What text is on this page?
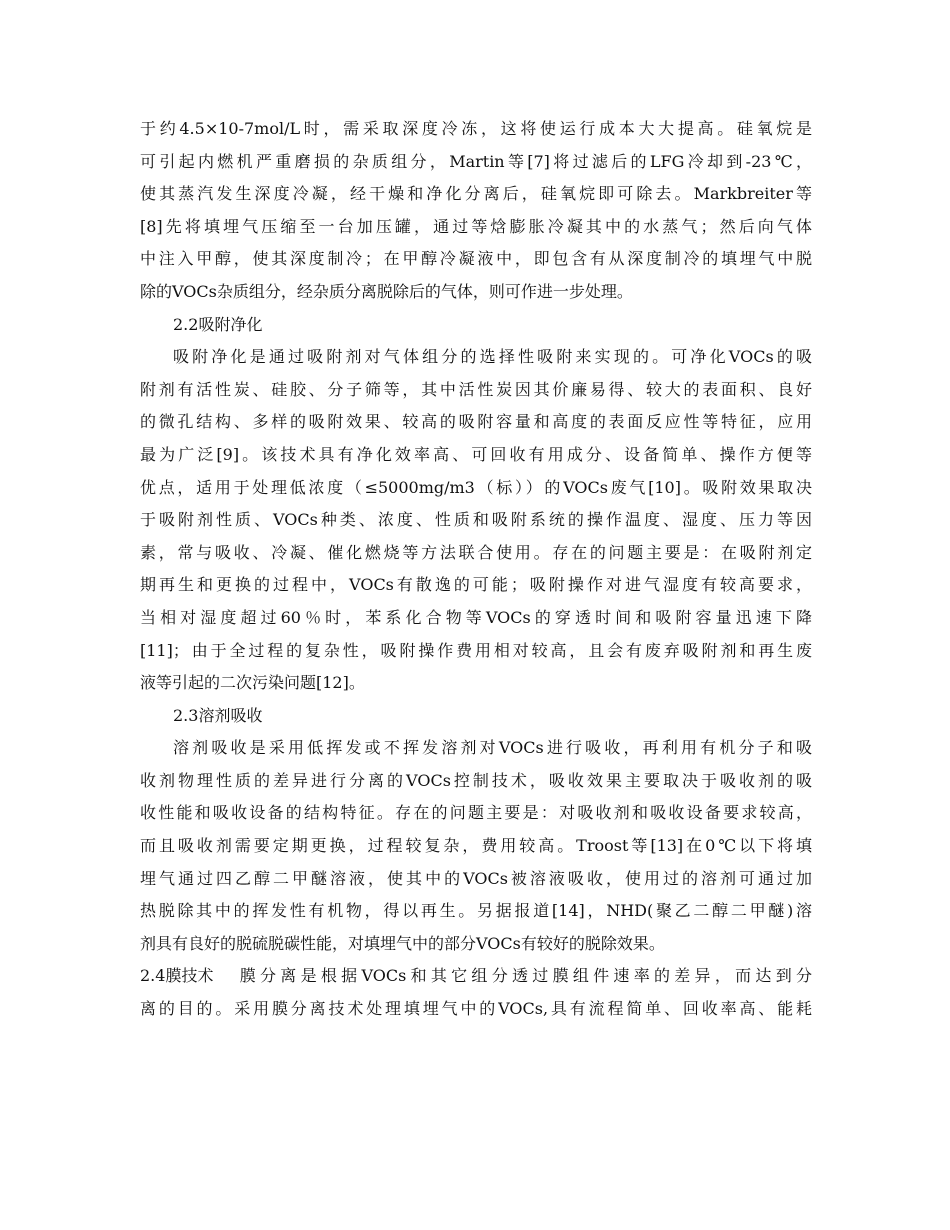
于约4.5×10-7mol/L时，需采取深度冷冻，这将使运行成本大大提高。硅氧烷是
可引起内燃机严重磨损的杂质组分，Martin等[7]将过滤后的LFG冷却到-23℃，
使其蒸汽发生深度冷凝，经干燥和净化分离后，硅氧烷即可除去。Markbreiter等
[8]先将填埋气压缩至一台加压罐，通过等焓膨胀冷凝其中的水蒸气；然后向气体
中注入甲醇，使其深度制冷；在甲醇冷凝液中，即包含有从深度制冷的填埋气中脱
除的VOCs杂质组分，经杂质分离脱除后的气体，则可作进一步处理。
2.2吸附净化
吸附净化是通过吸附剂对气体组分的选择性吸附来实现的。可净化VOCs的吸
附剂有活性炭、硅胶、分子筛等，其中活性炭因其价廉易得、较大的表面积、良好
的微孔结构、多样的吸附效果、较高的吸附容量和高度的表面反应性等特征，应用
最为广泛[9]。该技术具有净化效率高、可回收有用成分、设备简单、操作方便等
优点，适用于处理低浓度（≤5000mg/m3（标））的VOCs废气[10]。吸附效果取决
于吸附剂性质、VOCs种类、浓度、性质和吸附系统的操作温度、湿度、压力等因
素，常与吸收、冷凝、催化燃烧等方法联合使用。存在的问题主要是：在吸附剂定
期再生和更换的过程中，VOCs有散逸的可能；吸附操作对进气湿度有较高要求，
当相对湿度超过60％时，苯系化合物等VOCs的穿透时间和吸附容量迅速下降
[11]；由于全过程的复杂性，吸附操作费用相对较高，且会有废弃吸附剂和再生废
液等引起的二次污染问题[12]。
2.3溶剂吸收
溶剂吸收是采用低挥发或不挥发溶剂对VOCs进行吸收，再利用有机分子和吸
收剂物理性质的差异进行分离的VOCs控制技术，吸收效果主要取决于吸收剂的吸
收性能和吸收设备的结构特征。存在的问题主要是：对吸收剂和吸收设备要求较高，
而且吸收剂需要定期更换，过程较复杂，费用较高。Troost等[13]在0℃以下将填
埋气通过四乙醇二甲醚溶液，使其中的VOCs被溶液吸收，使用过的溶剂可通过加
热脱除其中的挥发性有机物，得以再生。另据报道[14]，NHD(聚乙二醇二甲醚)溶
剂具有良好的脱硫脱碳性能，对填埋气中的部分VOCs有较好的脱除效果。
2.4膜技术 膜分离是根据VOCs和其它组分透过膜组件速率的差异，而达到分
离的目的。采用膜分离技术处理填埋气中的VOCs,具有流程简单、回收率高、能耗
